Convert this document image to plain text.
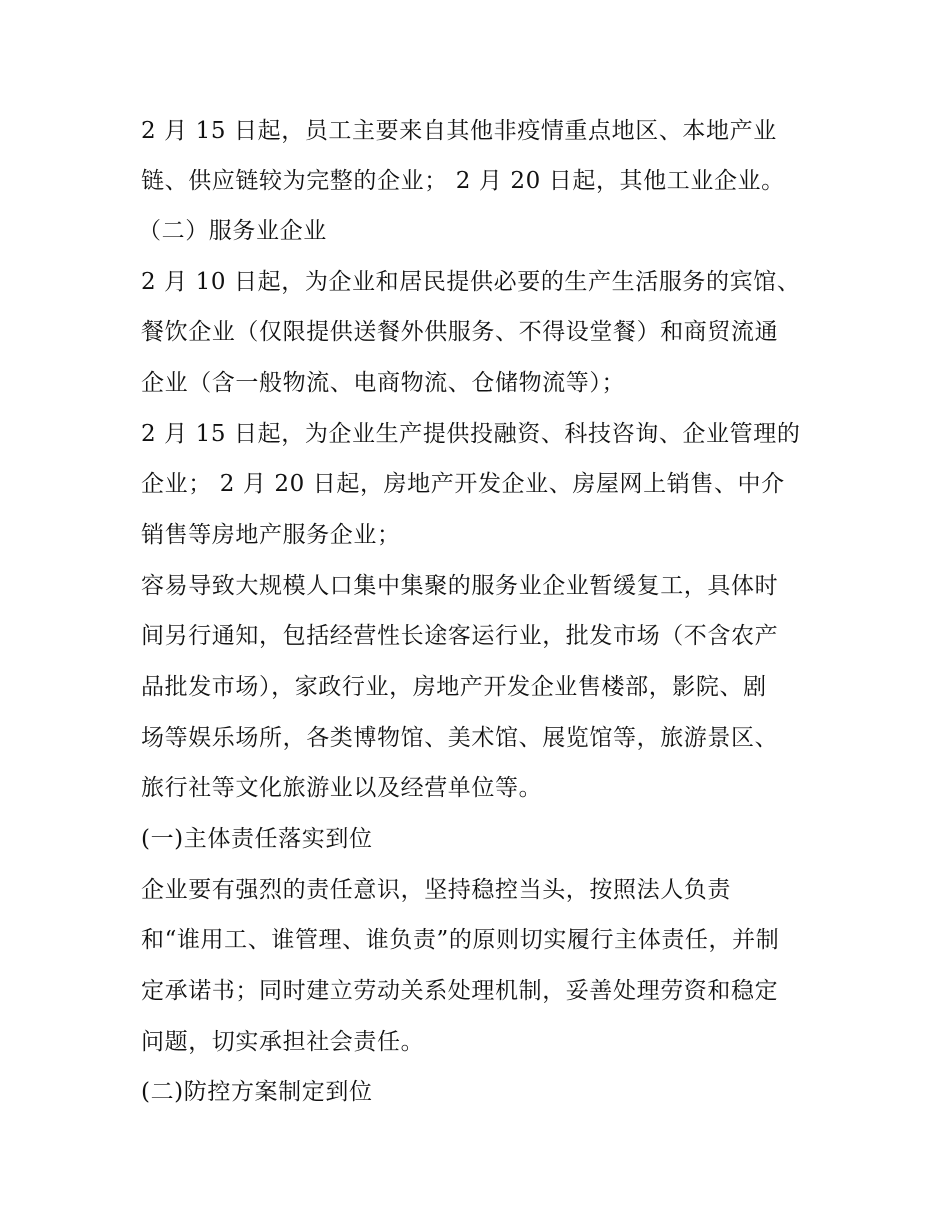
2 月 15 日起，员工主要来自其他非疫情重点地区、本地产业
链、供应链较为完整的企业； 2 月 20 日起，其他工业企业。
（二）服务业企业
2 月 10 日起，为企业和居民提供必要的生产生活服务的宾馆、
餐饮企业（仅限提供送餐外供服务、不得设堂餐）和商贸流通
企业（含一般物流、电商物流、仓储物流等）；
2 月 15 日起，为企业生产提供投融资、科技咨询、企业管理的
企业； 2 月 20 日起，房地产开发企业、房屋网上销售、中介
销售等房地产服务企业；
容易导致大规模人口集中集聚的服务业企业暂缓复工，具体时
间另行通知，包括经营性长途客运行业，批发市场（不含农产
品批发市场），家政行业，房地产开发企业售楼部，影院、剧
场等娱乐场所，各类博物馆、美术馆、展览馆等，旅游景区、
旅行社等文化旅游业以及经营单位等。
(一)主体责任落实到位
企业要有强烈的责任意识，坚持稳控当头，按照法人负责
和“谁用工、谁管理、谁负责”的原则切实履行主体责任，并制
定承诺书；同时建立劳动关系处理机制，妥善处理劳资和稳定
问题，切实承担社会责任。
(二)防控方案制定到位
